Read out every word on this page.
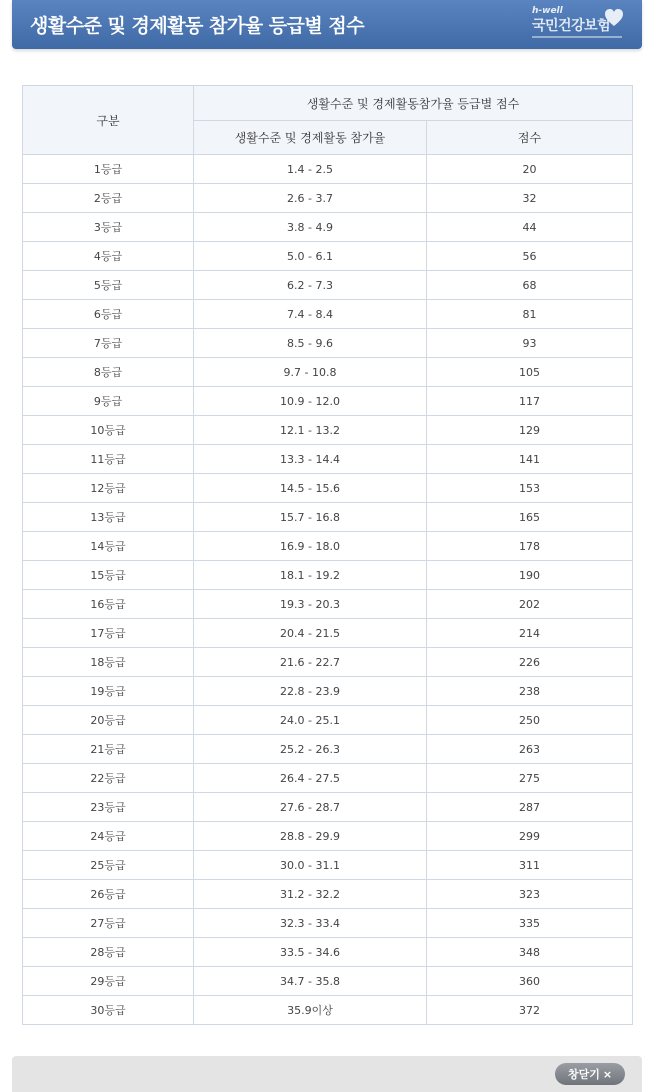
생활수준 및 경제활동 참가율 등급별 점수
h-well
국민건강보험
구분	생활수준 및 경제활동참가율 등급별 점수	
	생활수준 및 경제활동 참가율	점수
1등급	1.4 - 2.5	20
2등급	2.6 - 3.7	32
3등급	3.8 - 4.9	44
4등급	5.0 - 6.1	56
5등급	6.2 - 7.3	68
6등급	7.4 - 8.4	81
7등급	8.5 - 9.6	93
8등급	9.7 - 10.8	105
9등급	10.9 - 12.0	117
10등급	12.1 - 13.2	129
11등급	13.3 - 14.4	141
12등급	14.5 - 15.6	153
13등급	15.7 - 16.8	165
14등급	16.9 - 18.0	178
15등급	18.1 - 19.2	190
16등급	19.3 - 20.3	202
17등급	20.4 - 21.5	214
18등급	21.6 - 22.7	226
19등급	22.8 - 23.9	238
20등급	24.0 - 25.1	250
21등급	25.2 - 26.3	263
22등급	26.4 - 27.5	275
23등급	27.6 - 28.7	287
24등급	28.8 - 29.9	299
25등급	30.0 - 31.1	311
26등급	31.2 - 32.2	323
27등급	32.3 - 33.4	335
28등급	33.5 - 34.6	348
29등급	34.7 - 35.8	360
30등급	35.9이상	372
창닫기 ×
